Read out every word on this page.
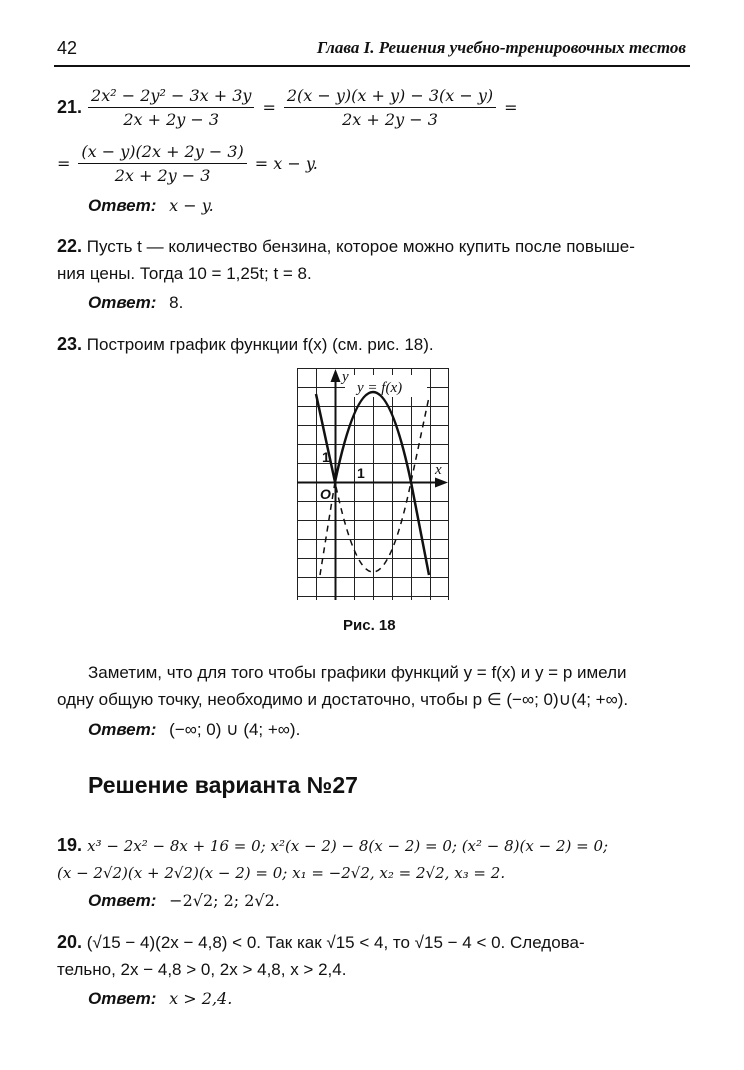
42	Глава I. Решения учебно-тренировочных тестов
21. $\frac{\text{2x² − 2y² − 3x + 3y}}{2x + 2y - 3} = \frac{2(x - y)(x + y) - 3(x - y)}{2x + 2y - 3}$ =
= $\frac{(x - y)(2x + 2y - 3)}{2x + 2y - 3} = x - y$.
Ответ: x − y.
22. Пусть t — количество бензина, которое можно купить после повыше-
ния цены. Тогда 10 = 1,25t; t = 8.
Ответ: 8.
23. Построим график функции f(x) (см. рис. 18).
y = f(x)
y
x
O
1
1
Рис. 18
Заметим, что для того чтобы графики функций y = f(x) и y = p имели
одну общую точку, необходимо и достаточно, чтобы p ∈ (−∞; 0)∪(4; +∞).
Ответ: (−∞; 0) ∪ (4; +∞).
Решение варианта №27
19. x³ − 2x² − 8x + 16 = 0; x²(x − 2) − 8(x − 2) = 0; (x² − 8)(x − 2) = 0;
(x − 2√2)(x + 2√2)(x − 2) = 0; x₁ = −2√2, x₂ = 2√2, x₃ = 2.
Ответ: −2√2; 2; 2√2.
20. (√15 − 4)(2x − 4,8) < 0. Так как √15 < 4, то √15 − 4 < 0. Следова-
тельно, 2x − 4,8 > 0, 2x > 4,8, x > 2,4.
Ответ: x > 2,4.
